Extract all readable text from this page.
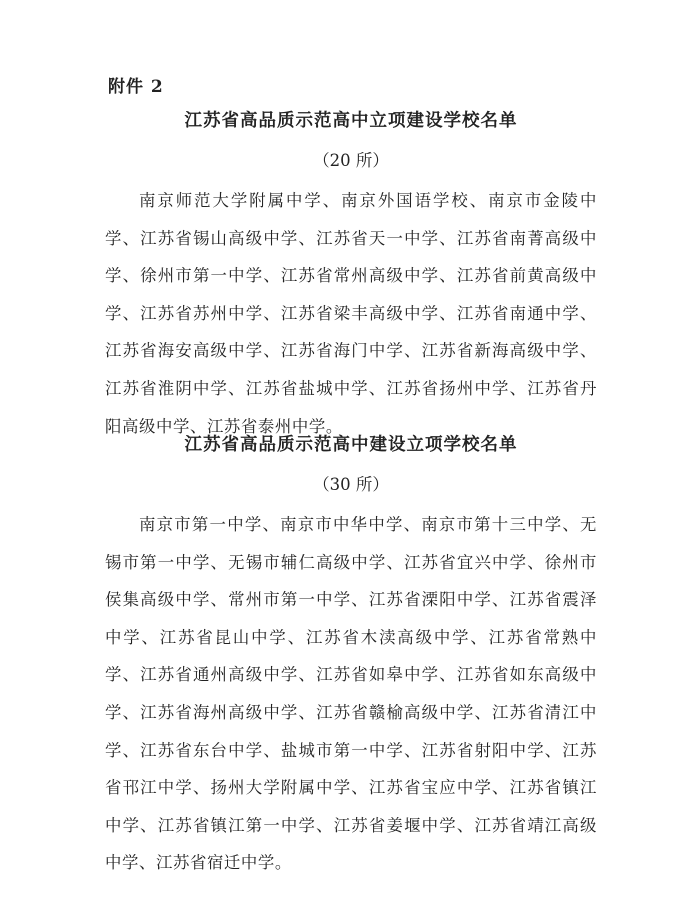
附件 2
江苏省高品质示范高中立项建设学校名单
（20 所）

南京师范大学附属中学、南京外国语学校、南京市金陵中学、江苏省锡山高级中学、江苏省天一中学、江苏省南菁高级中学、徐州市第一中学、江苏省常州高级中学、江苏省前黄高级中学、江苏省苏州中学、江苏省梁丰高级中学、江苏省南通中学、江苏省海安高级中学、江苏省海门中学、江苏省新海高级中学、江苏省淮阴中学、江苏省盐城中学、江苏省扬州中学、江苏省丹阳高级中学、江苏省泰州中学。

江苏省高品质示范高中建设立项学校名单
（30 所）

南京市第一中学、南京市中华中学、南京市第十三中学、无锡市第一中学、无锡市辅仁高级中学、江苏省宜兴中学、徐州市侯集高级中学、常州市第一中学、江苏省溧阳中学、江苏省震泽中学、江苏省昆山中学、江苏省木渎高级中学、江苏省常熟中学、江苏省通州高级中学、江苏省如皋中学、江苏省如东高级中学、江苏省海州高级中学、江苏省赣榆高级中学、江苏省清江中学、江苏省东台中学、盐城市第一中学、江苏省射阳中学、江苏省邗江中学、扬州大学附属中学、江苏省宝应中学、江苏省镇江中学、江苏省镇江第一中学、江苏省姜堰中学、江苏省靖江高级中学、江苏省宿迁中学。
